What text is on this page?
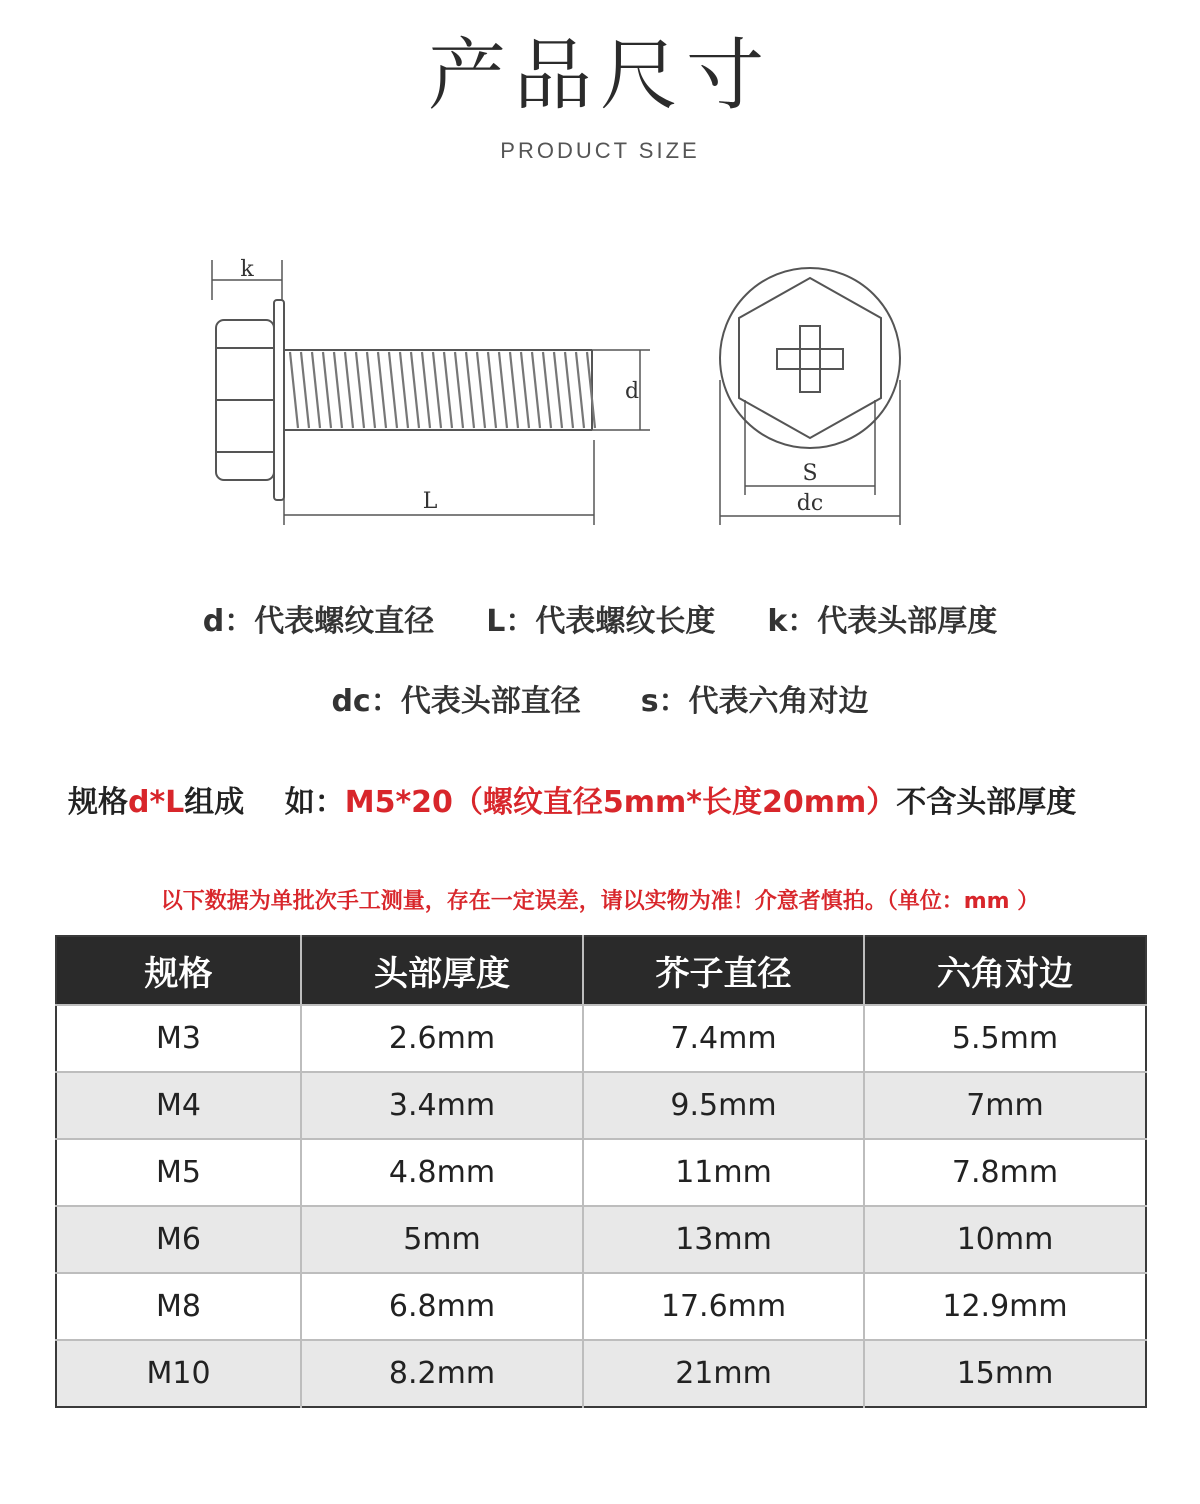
产品尺寸
PRODUCT SIZE
k
d
L
S
dc
d：代表螺纹直径 L：代表螺纹长度 k：代表头部厚度
dc：代表头部直径 s：代表六角对边
规格d*L组成　 如：M5*20（螺纹直径5mm*长度20mm）不含头部厚度
以下数据为单批次手工测量，存在一定误差，请以实物为准！介意者慎拍。（单位：mm ）
规格	头部厚度	芥子直径	六角对边
M3	2.6mm	7.4mm	5.5mm
M4	3.4mm	9.5mm	7mm
M5	4.8mm	11mm	7.8mm
M6	5mm	13mm	10mm
M8	6.8mm	17.6mm	12.9mm
M10	8.2mm	21mm	15mm
